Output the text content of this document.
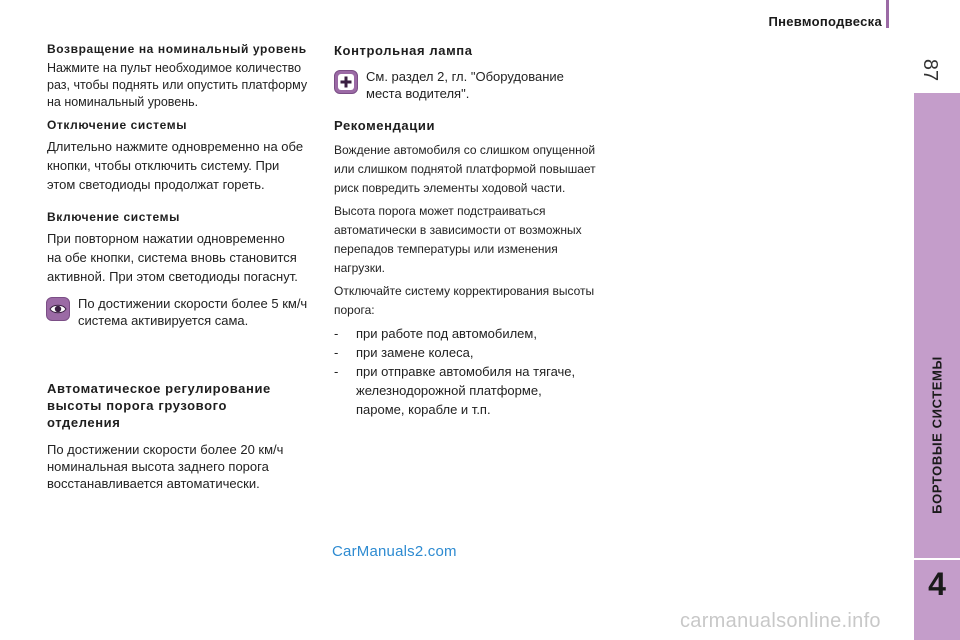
Пневмоподвеска
87
БОРТОВЫЕ СИСТЕМЫ
4
Возвращение на номинальный уровень

Нажмите на пульт необходимое количество
раз, чтобы поднять или опустить платформу
на номинальный уровень.

Отключение системы

Длительно нажмите одновременно на обе
кнопки, чтобы отключить систему. При
этом светодиоды продолжат гореть.

Включение системы

При повторном нажатии одновременно
на обе кнопки, система вновь становится
активной. При этом светодиоды погаснут.

По достижении скорости более 5 км/ч
система активируется сама.

Автоматическое регулирование
высоты порога грузового
отделения

По достижении скорости более 20 км/ч
номинальная высота заднего порога
восстанавливается автоматически.

Контрольная лампа

См. раздел 2, гл. "Оборудование
места водителя".

Рекомендации

Вождение автомобиля со слишком опущенной
или слишком поднятой платформой повышает
риск повредить элементы ходовой части.

Высота порога может подстраиваться
автоматически в зависимости от возможных
перепадов температуры или изменения
нагрузки.

Отключайте систему корректирования высоты
порога:

- при работе под автомобилем,
- при замене колеса,
- при отправке автомобиля на тягаче,
железнодорожной платформе,
пароме, корабле и т.п.
CarManuals2.com
carmanualsonline.info
